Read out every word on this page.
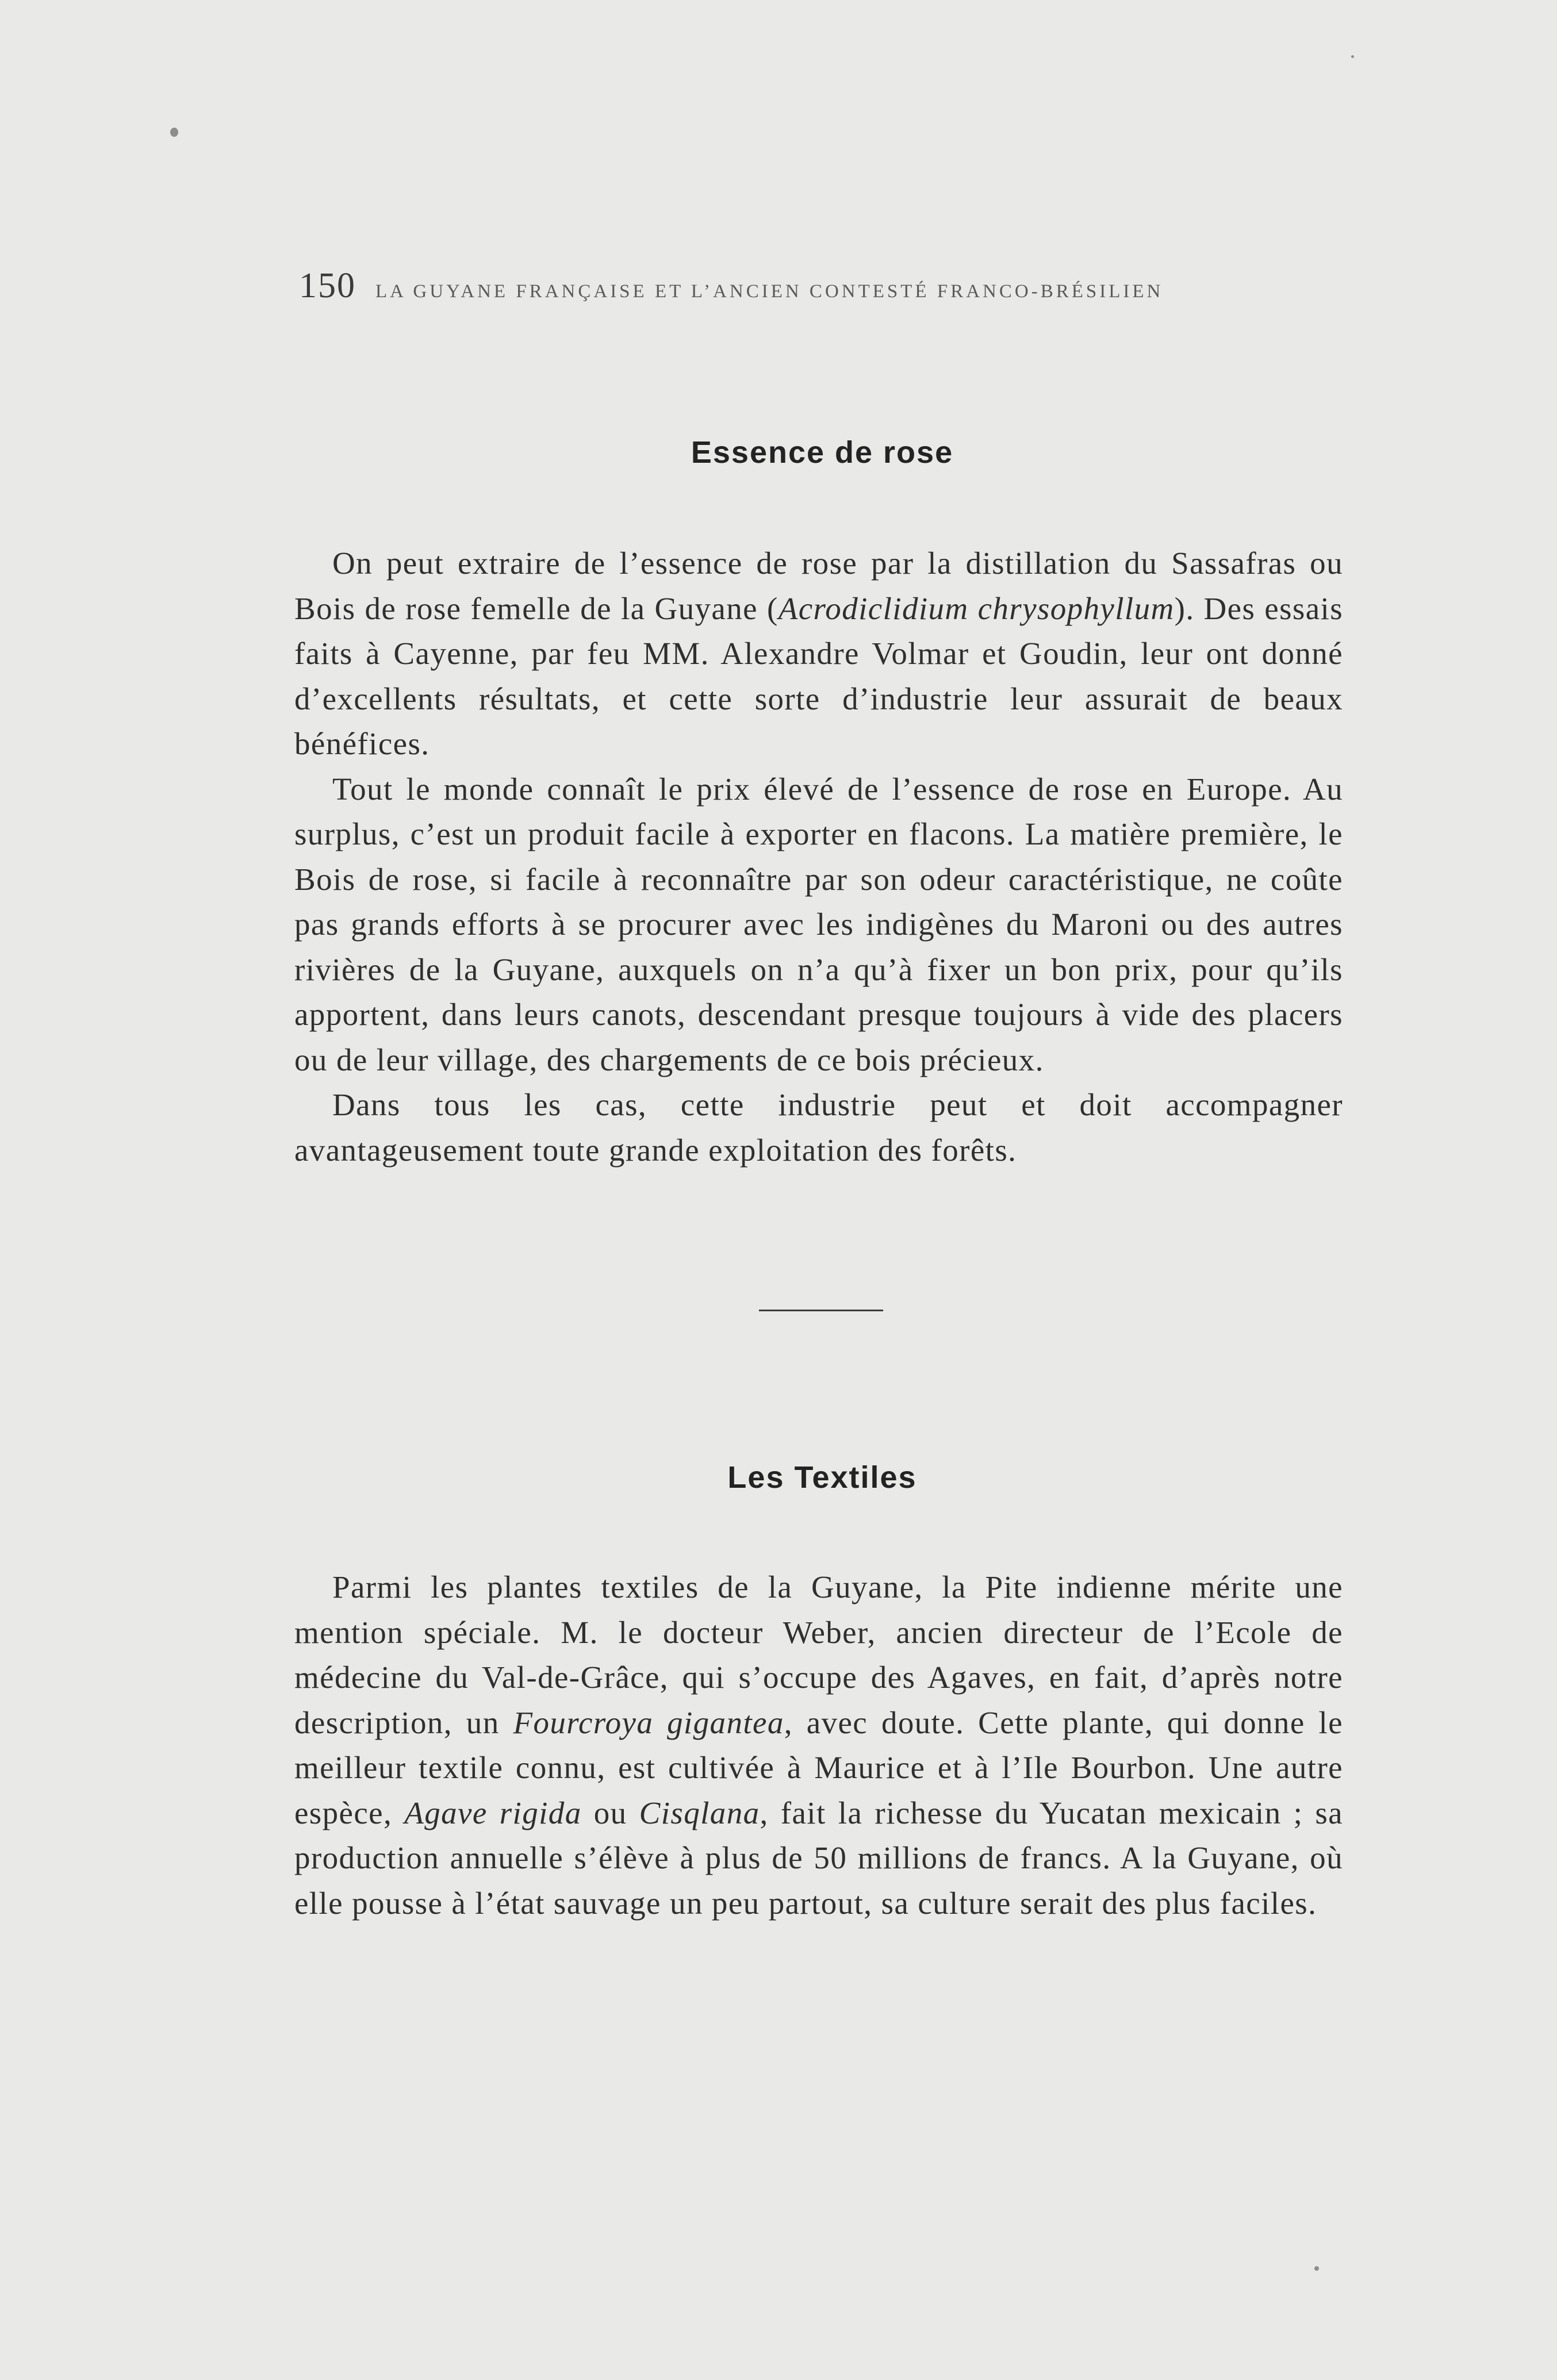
150 LA GUYANE FRANÇAISE ET L’ANCIEN CONTESTÉ FRANCO-BRÉSILIEN
Essence de rose

On peut extraire de l’essence de rose par la distillation du Sassafras ou Bois de rose femelle de la Guyane (Acrodiclidium chrysophyllum). Des essais faits à Cayenne, par feu MM. Alexandre Volmar et Goudin, leur ont donné d’excellents résultats, et cette sorte d’industrie leur assurait de beaux bénéfices.

Tout le monde connaît le prix élevé de l’essence de rose en Europe. Au surplus, c’est un produit facile à exporter en flacons. La matière première, le Bois de rose, si facile à reconnaître par son odeur caractéristique, ne coûte pas grands efforts à se procurer avec les indigènes du Maroni ou des autres rivières de la Guyane, auxquels on n’a qu’à fixer un bon prix, pour qu’ils apportent, dans leurs canots, descendant presque toujours à vide des placers ou de leur village, des chargements de ce bois précieux.

Dans tous les cas, cette industrie peut et doit accompagner avantageusement toute grande exploitation des forêts.

Les Textiles

Parmi les plantes textiles de la Guyane, la Pite indienne mérite une mention spéciale. M. le docteur Weber, ancien directeur de l’Ecole de médecine du Val-de-Grâce, qui s’occupe des Agaves, en fait, d’après notre description, un Fourcroya gigantea, avec doute. Cette plante, qui donne le meilleur textile connu, est cultivée à Maurice et à l’Ile Bourbon. Une autre espèce, Agave rigida ou Cisqlana, fait la richesse du Yucatan mexicain ; sa production annuelle s’élève à plus de 50 millions de francs. A la Guyane, où elle pousse à l’état sauvage un peu partout, sa culture serait des plus faciles.
